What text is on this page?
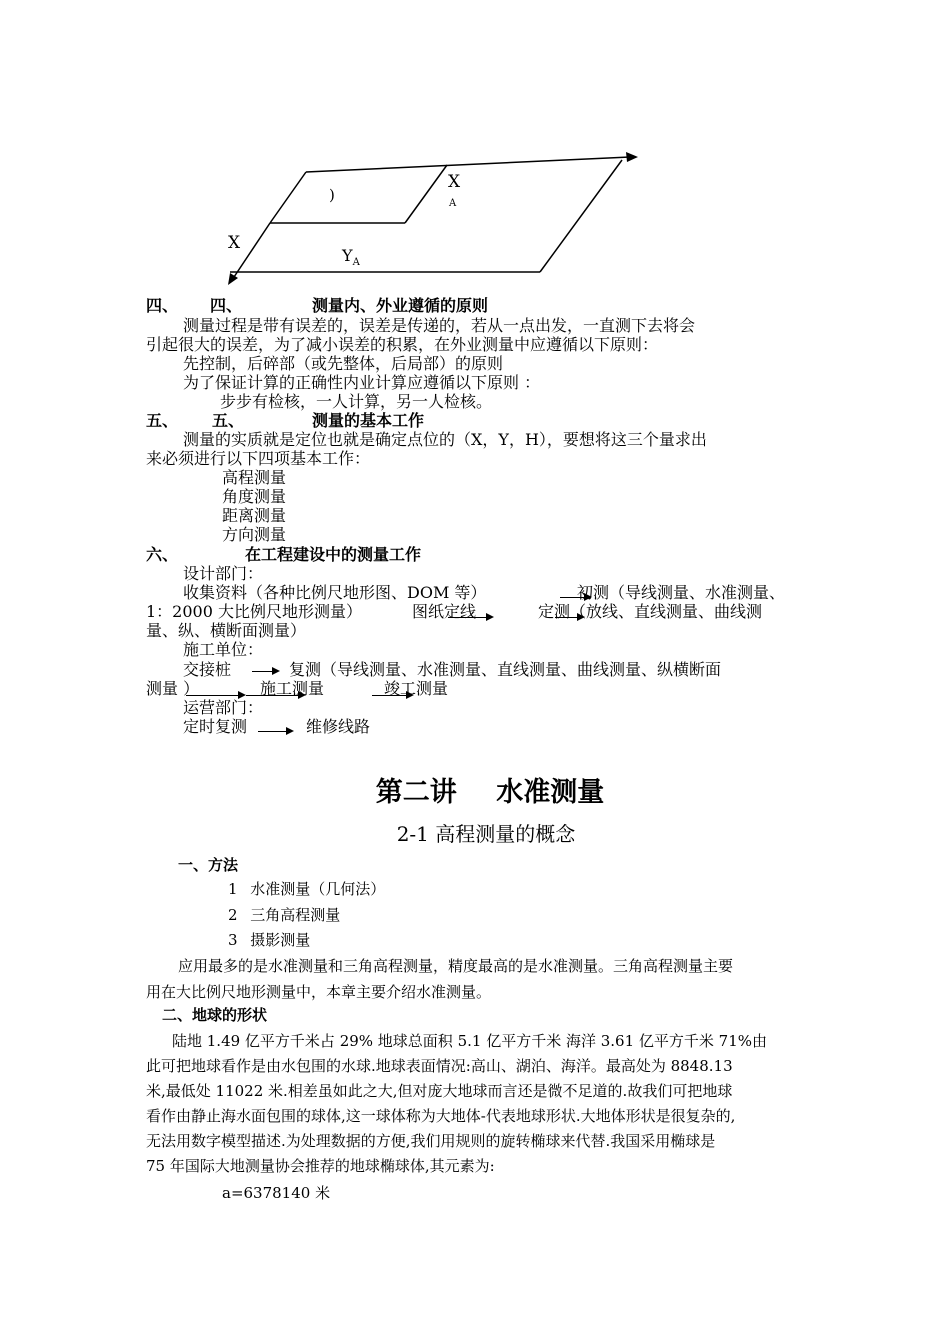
X
A
)
X
$Y_A$
四、 四、	测量内、外业遵循的原则
测量过程是带有误差的，误差是传递的，若从一点出发，一直测下去将会
引起很大的误差，为了减小误差的积累，在外业测量中应遵循以下原则：
先控制，后碎部（或先整体，后局部）的原则
为了保证计算的正确性内业计算应遵循以下原则 ：
步步有检核，一人计算，另一人检核。
五、 五、	测量的基本工作
测量的实质就是定位也就是确定点位的（X，Y，H），要想将这三个量求出
来必须进行以下四项基本工作：
高程测量
角度测量
距离测量
方向测量
六、	在工程建设中的测量工作
设计部门：
收集资料（各种比例尺地形图、DOM 等）	初测（导线测量、水准测量、
1：2000 大比例尺地形测量）	图纸定线	定测（放线、直线测量、曲线测
量、纵、横断面测量）
施工单位：
交接桩	复测（导线测量、水准测量、直线测量、曲线测量、纵横断面
测量 ）	施工测量	竣工测量
运营部门：
定时复测	维修线路
第二讲 水准测量
2-1 高程测量的概念
一、方法
1 水准测量（几何法）
2 三角高程测量
3 摄影测量
应用最多的是水准测量和三角高程测量，精度最高的是水准测量。三角高程测量主要
用在大比例尺地形测量中，本章主要介绍水准测量。
二、地球的形状
陆地 1.49 亿平方千米占 29% 地球总面积 5.1 亿平方千米 海洋 3.61 亿平方千米 71%由
此可把地球看作是由水包围的水球.地球表面情况:高山、湖泊、海洋。最高处为 8848.13
米,最低处 11022 米.相差虽如此之大,但对庞大地球而言还是微不足道的.故我们可把地球
看作由静止海水面包围的球体,这一球体称为大地体-代表地球形状.大地体形状是很复杂的,
无法用数字模型描述.为处理数据的方便,我们用规则的旋转椭球来代替.我国采用椭球是
75 年国际大地测量协会推荐的地球椭球体,其元素为:
a=6378140 米
